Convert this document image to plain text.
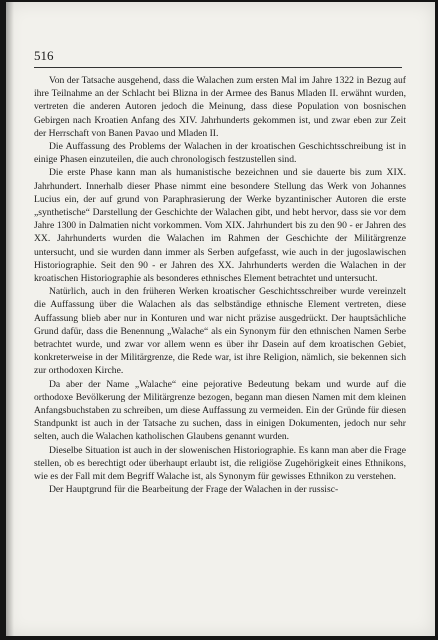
516

Von der Tatsache ausgehend, dass die Walachen zum ersten Mal im Jahre 1322 in Bezug auf ihre Teilnahme an der Schlacht bei Blizna in der Armee des Banus Mladen II. erwähnt wurden, vertreten die anderen Autoren jedoch die Meinung, dass diese Population von bosnischen Gebirgen nach Kroatien Anfang des XIV. Jahrhunderts gekommen ist, und zwar eben zur Zeit der Herrschaft von Banen Pavao und Mladen II.

Die Auffassung des Problems der Walachen in der kroatischen Geschichtsschreibung ist in einige Phasen einzuteilen, die auch chronologisch festzustellen sind.

Die erste Phase kann man als humanistische bezeichnen und sie dauerte bis zum XIX. Jahrhundert. Innerhalb dieser Phase nimmt eine besondere Stellung das Werk von Johannes Lucius ein, der auf grund von Paraphrasierung der Werke byzantinischer Autoren die erste „synthetische“ Darstellung der Geschichte der Walachen gibt, und hebt hervor, dass sie vor dem Jahre 1300 in Dalmatien nicht vorkommen. Vom XIX. Jahrhundert bis zu den 90 - er Jahren des XX. Jahrhunderts wurden die Walachen im Rahmen der Geschichte der Militärgrenze untersucht, und sie wurden dann immer als Serben aufgefasst, wie auch in der jugoslawischen Historiographie. Seit den 90 - er Jahren des XX. Jahrhunderts werden die Walachen in der kroatischen Historiographie als besonderes ethnisches Element betrachtet und untersucht.

Natürlich, auch in den früheren Werken kroatischer Geschichtsschreiber wurde vereinzelt die Auffassung über die Walachen als das selbständige ethnische Element vertreten, diese Auffassung blieb aber nur in Konturen und war nicht präzise ausgedrückt. Der hauptsächliche Grund dafür, dass die Benennung „Walache“ als ein Synonym für den ethnischen Namen Serbe betrachtet wurde, und zwar vor allem wenn es über ihr Dasein auf dem kroatischen Gebiet, konkreterweise in der Militärgrenze, die Rede war, ist ihre Religion, nämlich, sie bekennen sich zur orthodoxen Kirche.

Da aber der Name „Walache“ eine pejorative Bedeutung bekam und wurde auf die orthodoxe Bevölkerung der Militärgrenze bezogen, begann man diesen Namen mit dem kleinen Anfangsbuchstaben zu schreiben, um diese Auffassung zu vermeiden. Ein der Gründe für diesen Standpunkt ist auch in der Tatsache zu suchen, dass in einigen Dokumenten, jedoch nur sehr selten, auch die Walachen katholischen Glaubens genannt wurden.

Dieselbe Situation ist auch in der slowenischen Historiographie. Es kann man aber die Frage stellen, ob es berechtigt oder überhaupt erlaubt ist, die religiöse Zugehörigkeit eines Ethnikons, wie es der Fall mit dem Begriff Walache ist, als Synonym für gewisses Ethnikon zu verstehen.

Der Hauptgrund für die Bearbeitung der Frage der Walachen in der russisc-
